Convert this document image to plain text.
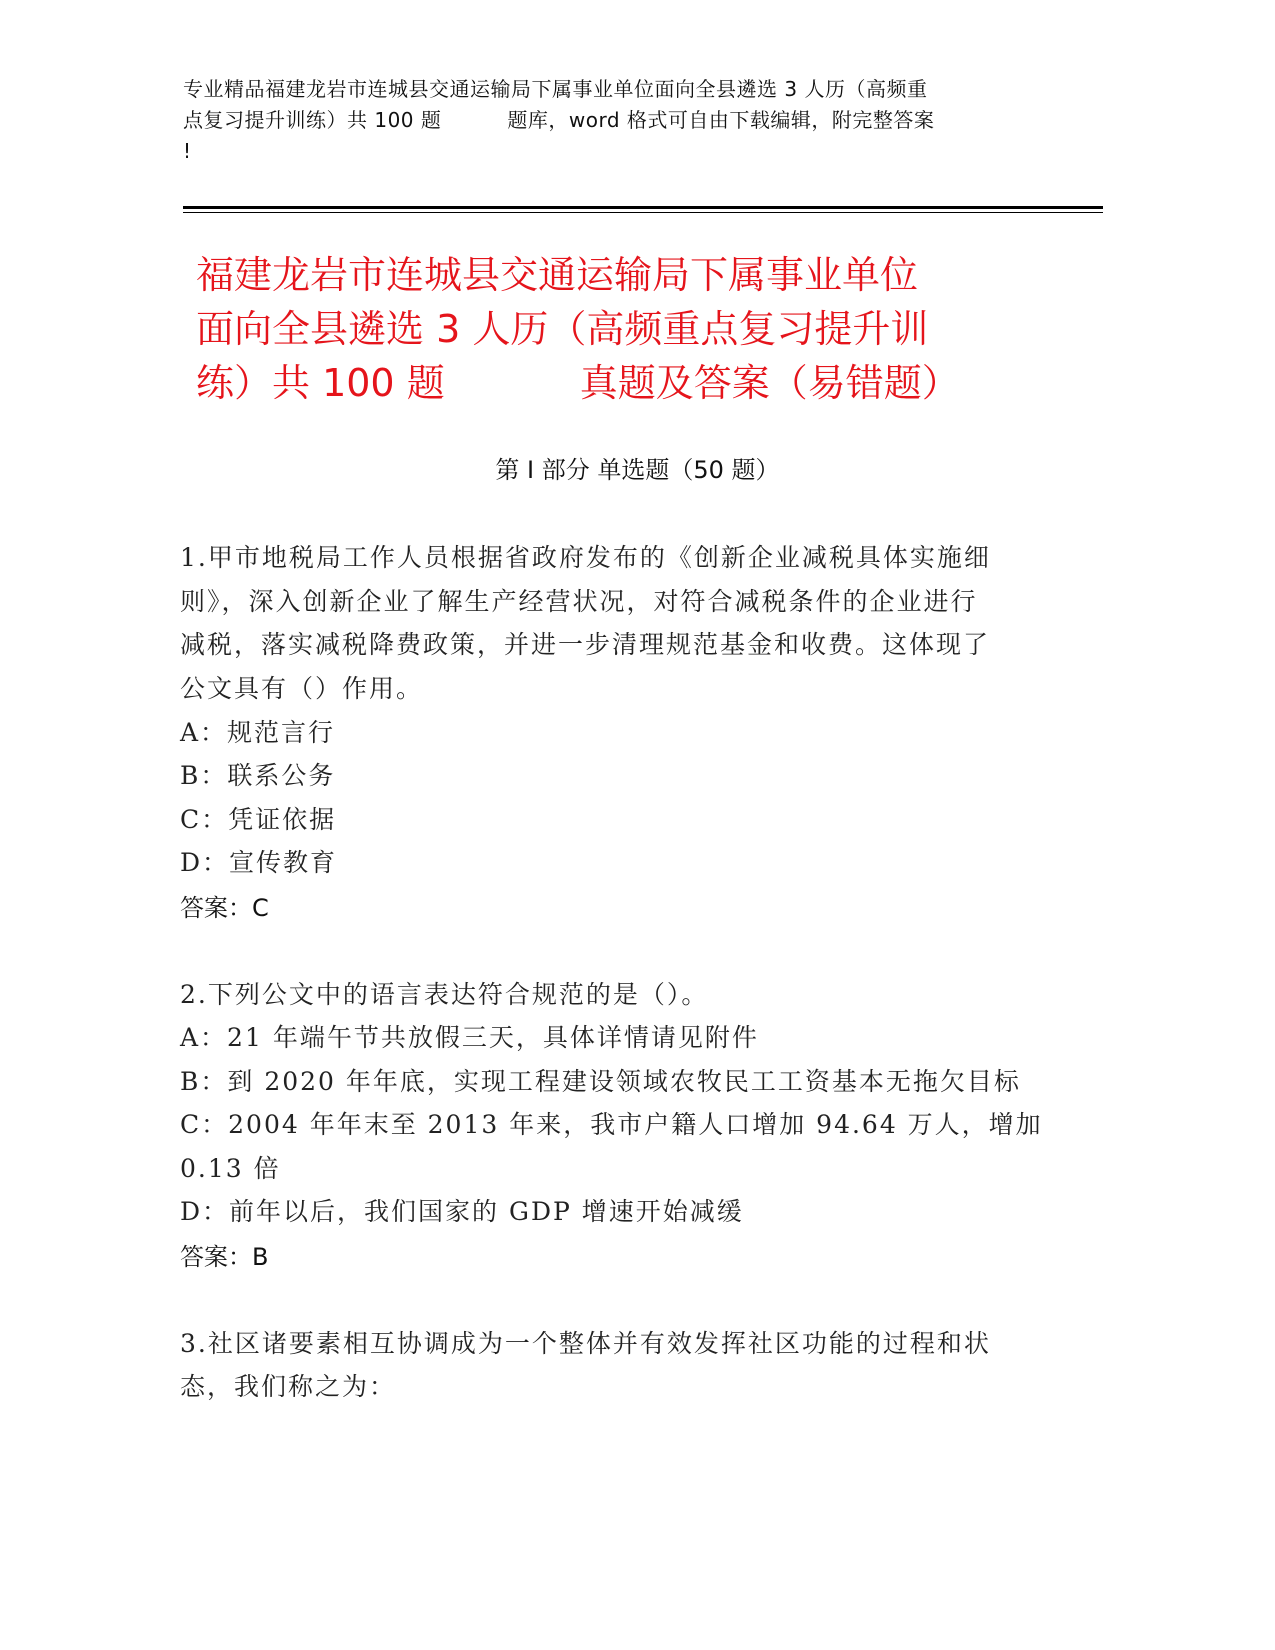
专业精品福建龙岩市连城县交通运输局下属事业单位面向全县遴选 3 人历（高频重

点复习提升训练）共 100 题	题库，word 格式可自由下载编辑，附完整答案

!

福建龙岩市连城县交通运输局下属事业单位

面向全县遴选 3 人历（高频重点复习提升训

练）共 100 题	真题及答案（易错题）

第 I 部分 单选题（50 题）

1.甲市地税局工作人员根据省政府发布的《创新企业减税具体实施细

则》，深入创新企业了解生产经营状况，对符合减税条件的企业进行

减税，落实减税降费政策，并进一步清理规范基金和收费。这体现了

公文具有（）作用。

A：规范言行

B：联系公务

C：凭证依据

D：宣传教育

答案：C

2.下列公文中的语言表达符合规范的是（）。

A：21 年端午节共放假三天，具体详情请见附件

B：到 2020 年年底，实现工程建设领域农牧民工工资基本无拖欠目标

C：2004 年年末至 2013 年来，我市户籍人口增加 94.64 万人，增加

0.13 倍

D：前年以后，我们国家的 GDP 增速开始减缓

答案：B

3.社区诸要素相互协调成为一个整体并有效发挥社区功能的过程和状

态，我们称之为：
